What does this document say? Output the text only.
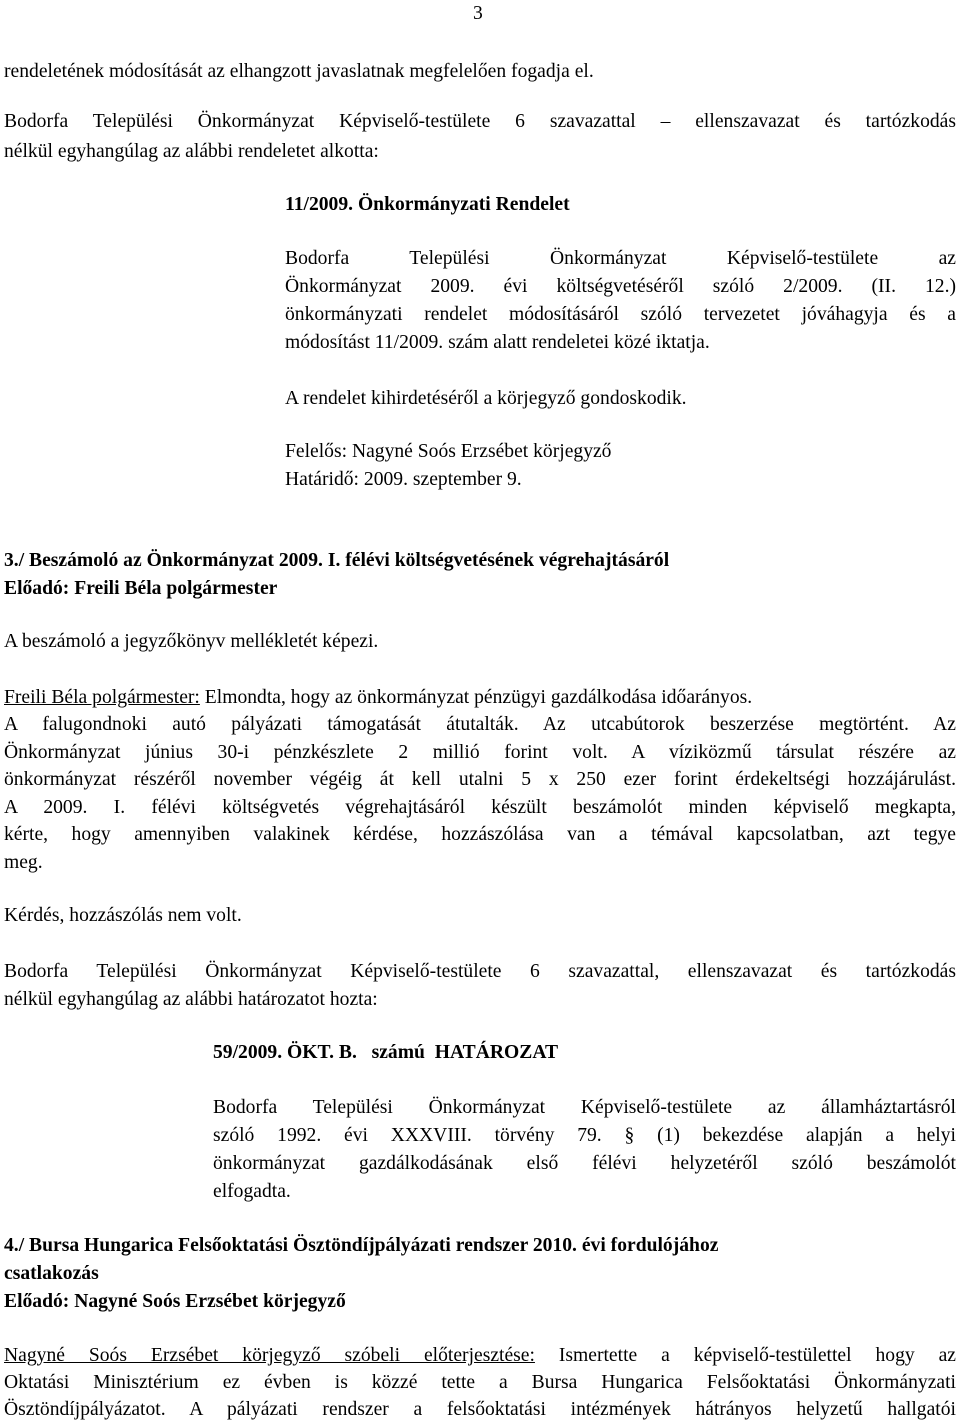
3
rendeletének módosítását az elhangzott javaslatnak megfelelően fogadja el.
Bodorfa Települési Önkormányzat Képviselő-testülete 6 szavazattal – ellenszavazat és tartózkodás
nélkül egyhangúlag az alábbi rendeletet alkotta:
11/2009. Önkormányzati Rendelet
Bodorfa Települési Önkormányzat Képviselő-testülete az
Önkormányzat 2009. évi költségvetéséről szóló 2/2009. (II. 12.)
önkormányzati rendelet módosításáról szóló tervezetet jóváhagyja és a
módosítást 11/2009. szám alatt rendeletei közé iktatja.
A rendelet kihirdetéséről a körjegyző gondoskodik.
Felelős: Nagyné Soós Erzsébet körjegyző
Határidő: 2009. szeptember 9.
3./ Beszámoló az Önkormányzat 2009. I. félévi költségvetésének végrehajtásáról
Előadó: Freili Béla polgármester
A beszámoló a jegyzőkönyv mellékletét képezi.
Freili Béla polgármester: Elmondta, hogy az önkormányzat pénzügyi gazdálkodása időarányos.
A falugondnoki autó pályázati támogatását átutalták. Az utcabútorok beszerzése megtörtént. Az
Önkormányzat június 30-i pénzkészlete 2 millió forint volt. A víziközmű társulat részére az
önkormányzat részéről november végéig át kell utalni 5 x 250 ezer forint érdekeltségi hozzájárulást.
A 2009. I. félévi költségvetés végrehajtásáról készült beszámolót minden képviselő megkapta,
kérte, hogy amennyiben valakinek kérdése, hozzászólása van a témával kapcsolatban, azt tegye
meg.
Kérdés, hozzászólás nem volt.
Bodorfa Települési Önkormányzat Képviselő-testülete 6 szavazattal, ellenszavazat és tartózkodás
nélkül egyhangúlag az alábbi határozatot hozta:
59/2009. ÖKT. B.   számú  HATÁROZAT
Bodorfa Települési Önkormányzat Képviselő-testülete az államháztartásról
szóló 1992. évi XXXVIII. törvény 79. § (1) bekezdése alapján a helyi
önkormányzat gazdálkodásának első félévi helyzetéről szóló beszámolót
elfogadta.
4./ Bursa Hungarica Felsőoktatási Ösztöndíjpályázati rendszer 2010. évi fordulójához
csatlakozás
Előadó: Nagyné Soós Erzsébet körjegyző
Nagyné Soós Erzsébet körjegyző szóbeli előterjesztése: Ismertette a képviselő-testülettel hogy az
Oktatási Minisztérium ez évben is közzé tette a Bursa Hungarica Felsőoktatási Önkormányzati
Ösztöndíjpályázatot. A pályázati rendszer a felsőoktatási intézmények hátrányos helyzetű hallgatói
